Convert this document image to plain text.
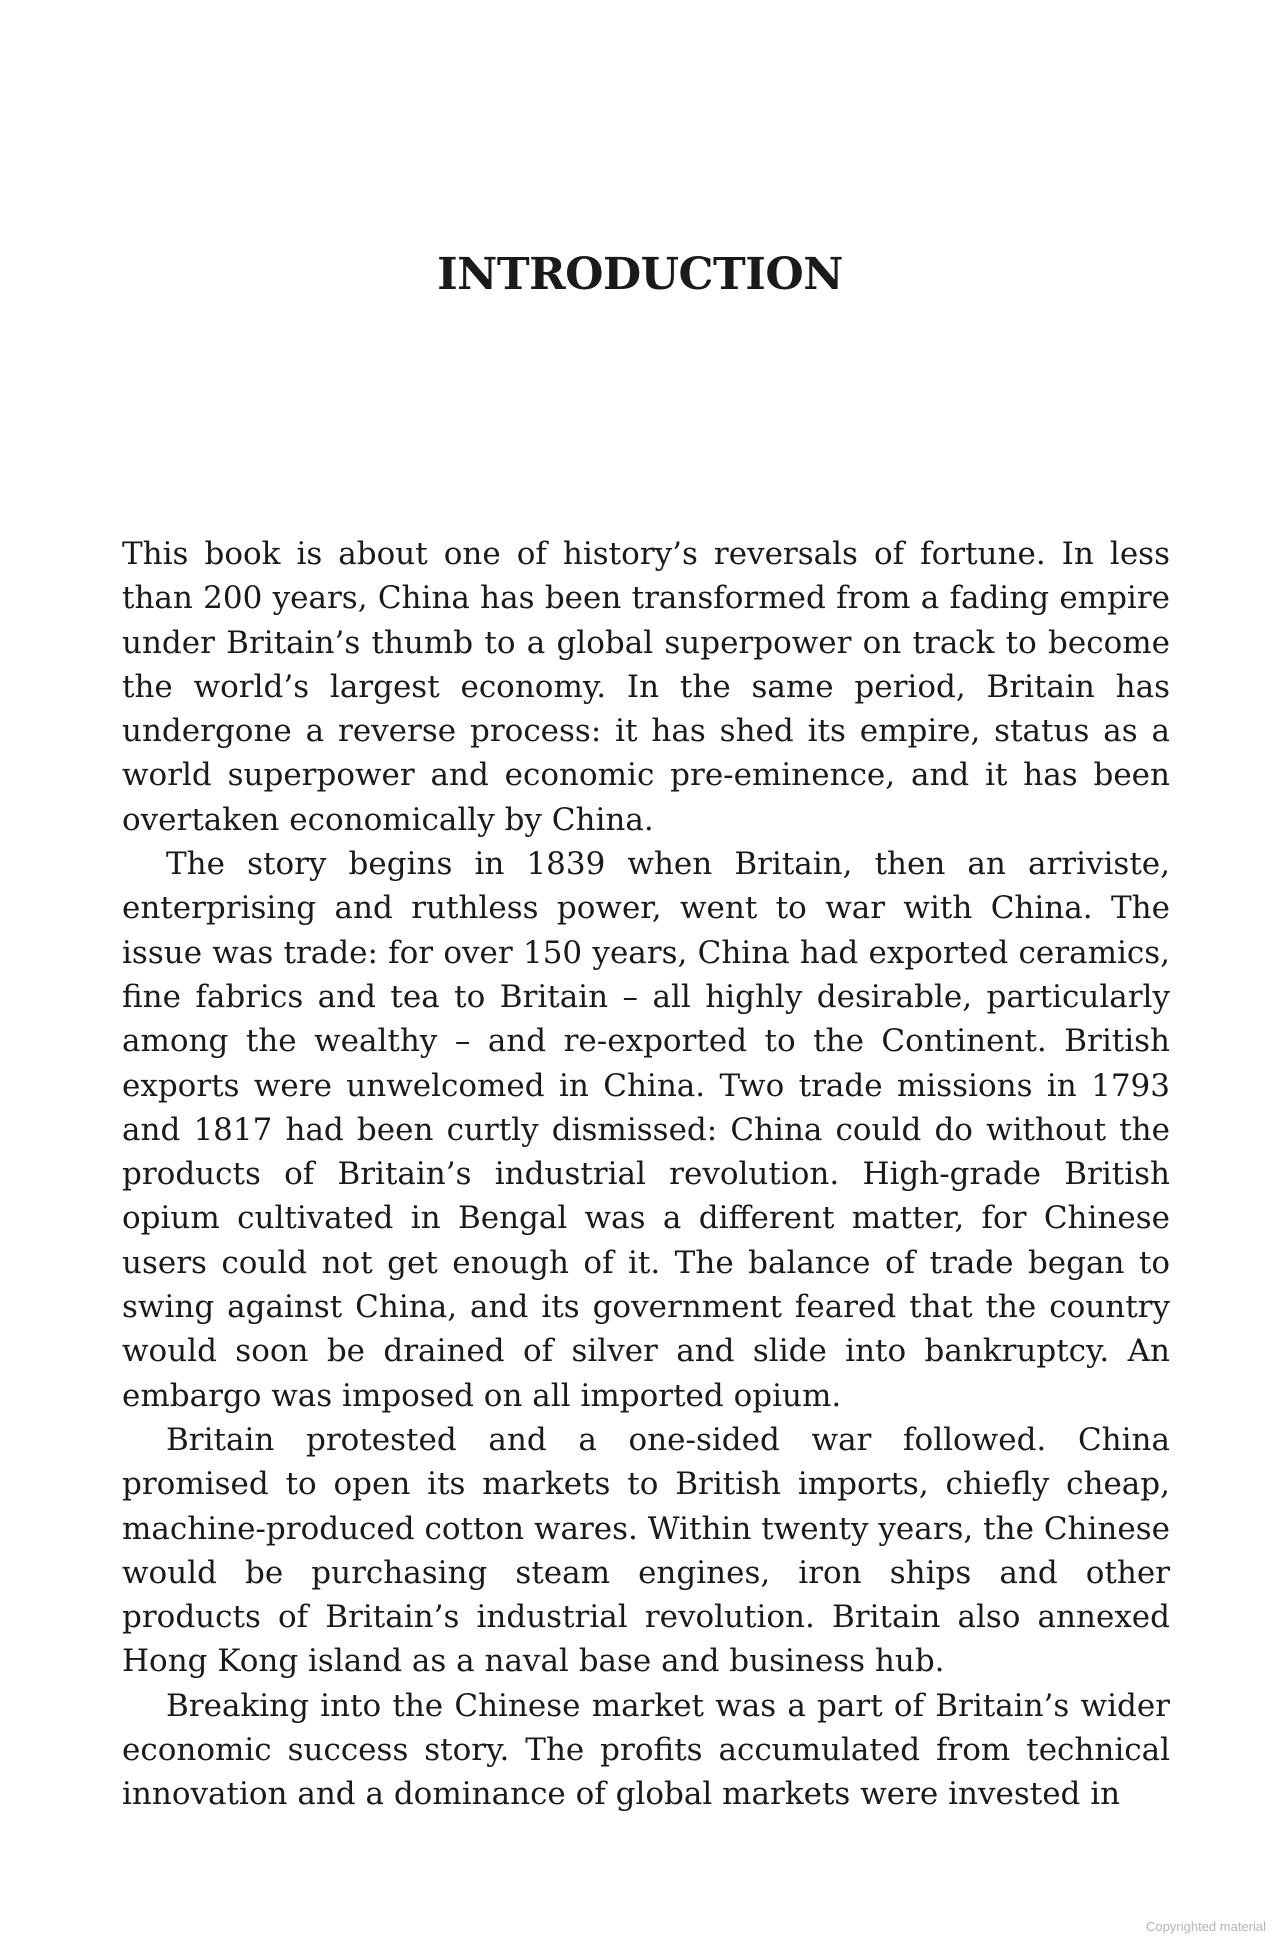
INTRODUCTION

This book is about one of history’s reversals of fortune. In less than 200 years, China has been transformed from a fading empire under Britain’s thumb to a global superpower on track to become the world’s largest economy. In the same period, Britain has undergone a reverse process: it has shed its empire, status as a world superpower and economic pre-eminence, and it has been overtaken economically by China.

The story begins in 1839 when Britain, then an arriviste, enterprising and ruthless power, went to war with China. The issue was trade: for over 150 years, China had exported ceramics, fine fabrics and tea to Britain – all highly desirable, particularly among the wealthy – and re-exported to the Continent. British exports were unwelcomed in China. Two trade missions in 1793 and 1817 had been curtly dismissed: China could do without the products of Britain’s industrial revolution. High-grade British opium cultivated in Bengal was a different matter, for Chinese users could not get enough of it. The balance of trade began to swing against China, and its government feared that the country would soon be drained of silver and slide into bankruptcy. An embargo was imposed on all imported opium.

Britain protested and a one-sided war followed. China promised to open its markets to British imports, chiefly cheap, machine-produced cotton wares. Within twenty years, the Chinese would be purchasing steam engines, iron ships and other products of Britain’s industrial revolution. Britain also annexed Hong Kong island as a naval base and business hub.

Breaking into the Chinese market was a part of Britain’s wider economic success story. The profits accumulated from technical innovation and a dominance of global markets were invested in

Copyrighted material
